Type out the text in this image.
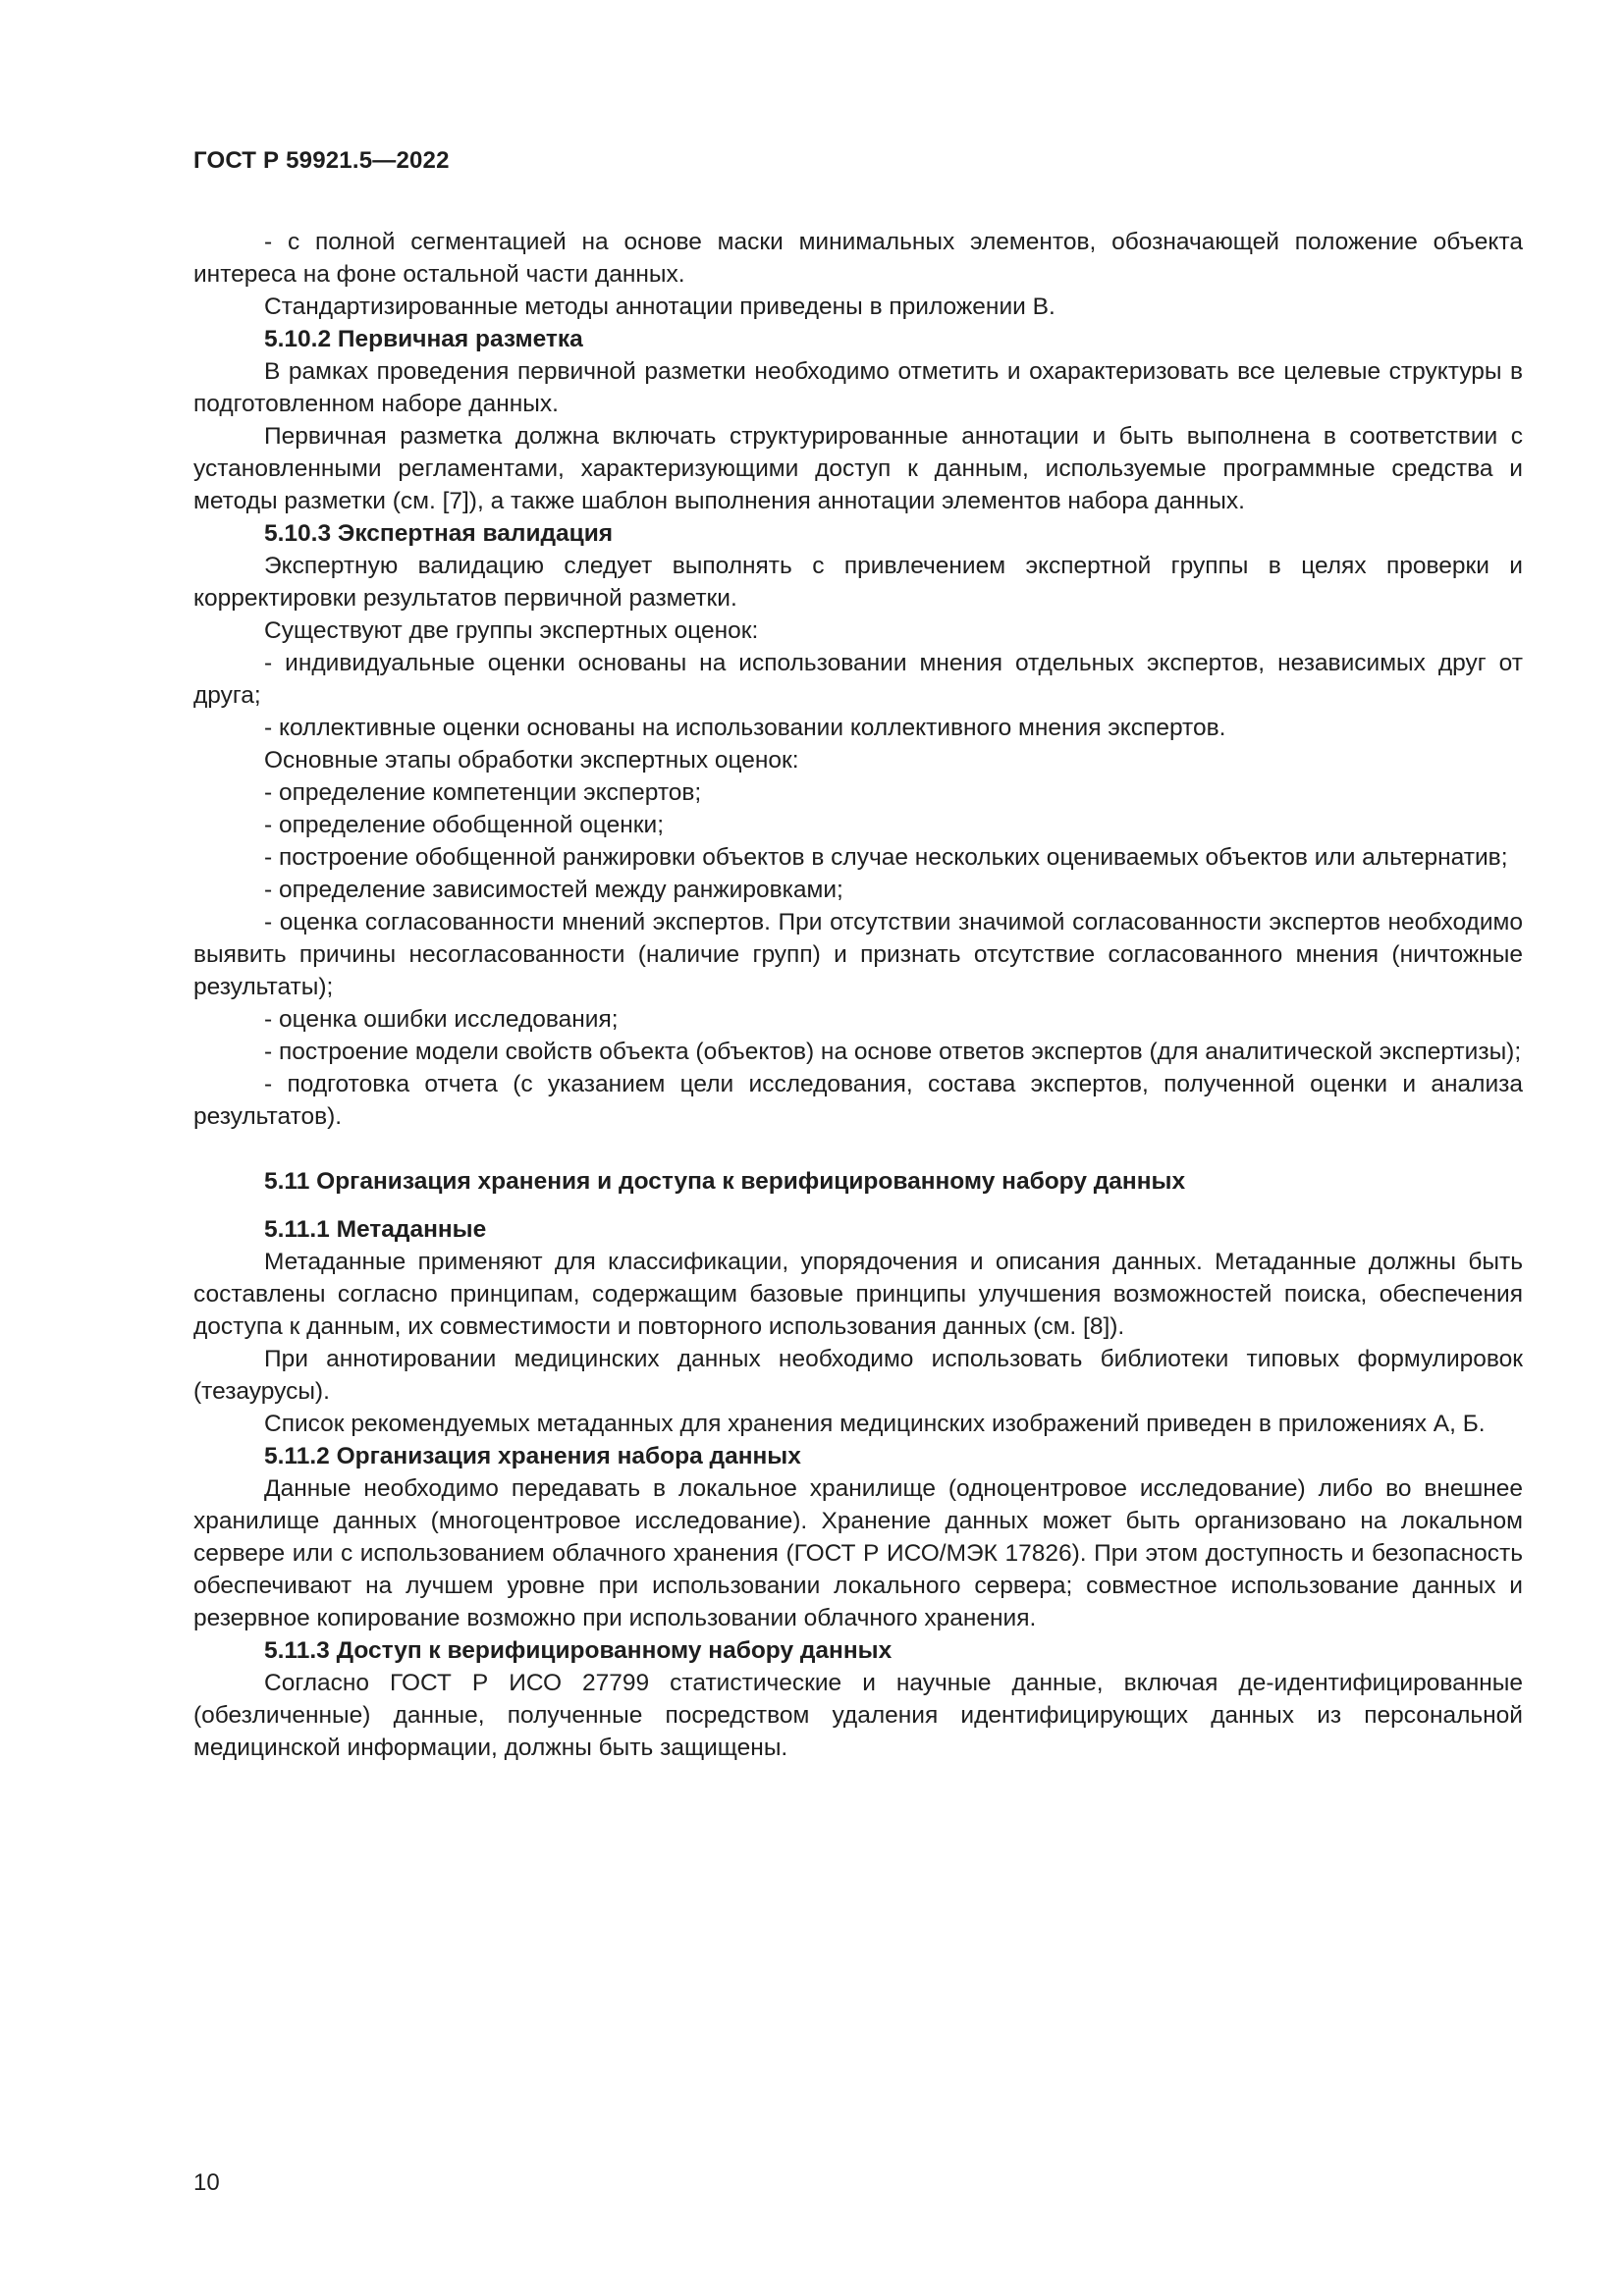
ГОСТ Р 59921.5—2022

- с полной сегментацией на основе маски минимальных элементов, обозначающей положение объекта интереса на фоне остальной части данных.

Стандартизированные методы аннотации приведены в приложении В.

5.10.2 Первичная разметка

В рамках проведения первичной разметки необходимо отметить и охарактеризовать все целевые структуры в подготовленном наборе данных.

Первичная разметка должна включать структурированные аннотации и быть выполнена в соответствии с установленными регламентами, характеризующими доступ к данным, используемые программные средства и методы разметки (см. [7]), а также шаблон выполнения аннотации элементов набора данных.

5.10.3 Экспертная валидация

Экспертную валидацию следует выполнять с привлечением экспертной группы в целях проверки и корректировки результатов первичной разметки.

Существуют две группы экспертных оценок:

- индивидуальные оценки основаны на использовании мнения отдельных экспертов, независимых друг от друга;

- коллективные оценки основаны на использовании коллективного мнения экспертов.

Основные этапы обработки экспертных оценок:

- определение компетенции экспертов;

- определение обобщенной оценки;

- построение обобщенной ранжировки объектов в случае нескольких оцениваемых объектов или альтернатив;

- определение зависимостей между ранжировками;

- оценка согласованности мнений экспертов. При отсутствии значимой согласованности экспертов необходимо выявить причины несогласованности (наличие групп) и признать отсутствие согласованного мнения (ничтожные результаты);

- оценка ошибки исследования;

- построение модели свойств объекта (объектов) на основе ответов экспертов (для аналитической экспертизы);

- подготовка отчета (с указанием цели исследования, состава экспертов, полученной оценки и анализа результатов).

5.11 Организация хранения и доступа к верифицированному набору данных

5.11.1 Метаданные

Метаданные применяют для классификации, упорядочения и описания данных. Метаданные должны быть составлены согласно принципам, содержащим базовые принципы улучшения возможностей поиска, обеспечения доступа к данным, их совместимости и повторного использования данных (см. [8]).

При аннотировании медицинских данных необходимо использовать библиотеки типовых формулировок (тезаурусы).

Список рекомендуемых метаданных для хранения медицинских изображений приведен в приложениях А, Б.

5.11.2 Организация хранения набора данных

Данные необходимо передавать в локальное хранилище (одноцентровое исследование) либо во внешнее хранилище данных (многоцентровое исследование). Хранение данных может быть организовано на локальном сервере или с использованием облачного хранения (ГОСТ Р ИСО/МЭК 17826). При этом доступность и безопасность обеспечивают на лучшем уровне при использовании локального сервера; совместное использование данных и резервное копирование возможно при использовании облачного хранения.

5.11.3 Доступ к верифицированному набору данных

Согласно ГОСТ Р ИСО 27799 статистические и научные данные, включая де-идентифицированные (обезличенные) данные, полученные посредством удаления идентифицирующих данных из персональной медицинской информации, должны быть защищены.

10
